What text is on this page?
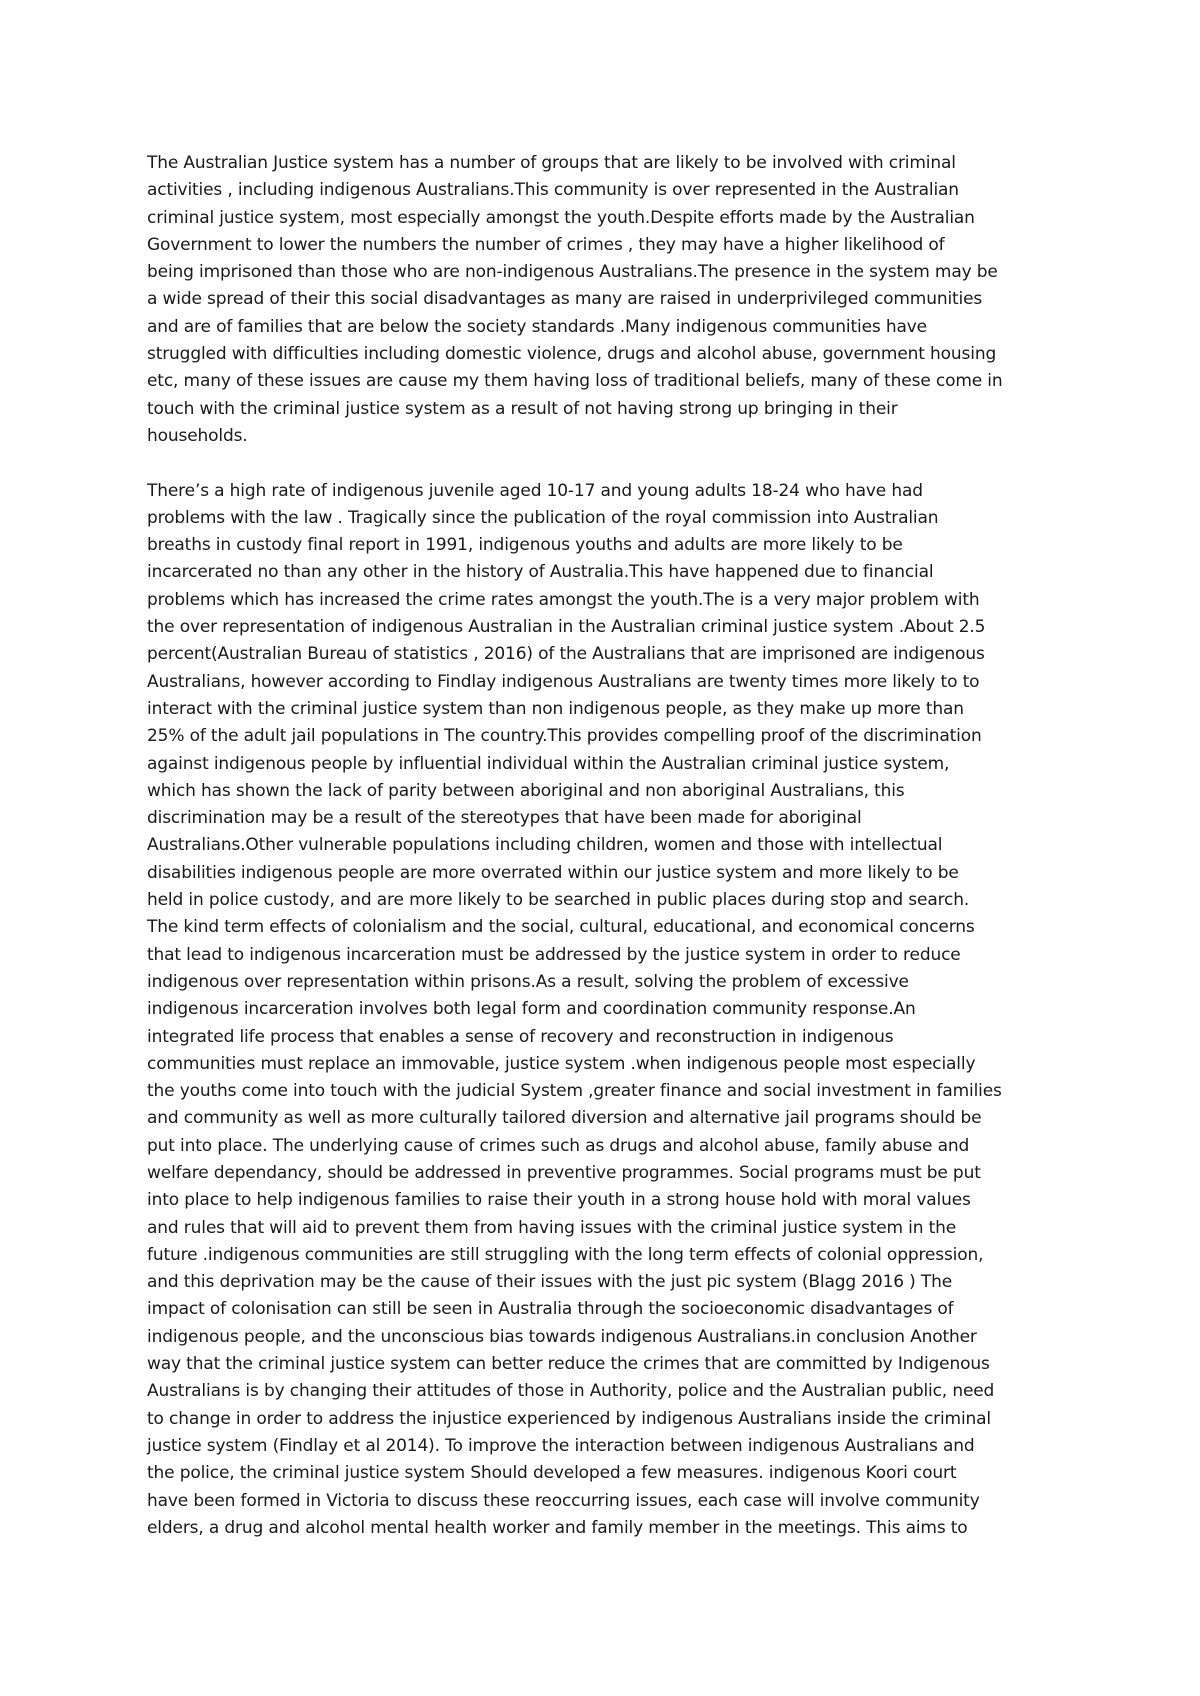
The Australian Justice system has a number of groups that are likely to be involved with criminal
activities , including indigenous Australians.This community is over represented in the Australian
criminal justice system, most especially amongst the youth.Despite efforts made by the Australian
Government to lower the numbers the number of crimes , they may have a higher likelihood of
being imprisoned than those who are non-indigenous Australians.The presence in the system may be
a wide spread of their this social disadvantages as many are raised in underprivileged communities
and are of families that are below the society standards .Many indigenous communities have
struggled with difficulties including domestic violence, drugs and alcohol abuse, government housing
etc, many of these issues are cause my them having loss of traditional beliefs, many of these come in
touch with the criminal justice system as a result of not having strong up bringing in their
households.
There’s a high rate of indigenous juvenile aged 10-17 and young adults 18-24 who have had
problems with the law . Tragically since the publication of the royal commission into Australian
breaths in custody final report in 1991, indigenous youths and adults are more likely to be
incarcerated no than any other in the history of Australia.This have happened due to financial
problems which has increased the crime rates amongst the youth.The is a very major problem with
the over representation of indigenous Australian in the Australian criminal justice system .About 2.5
percent(Australian Bureau of statistics , 2016) of the Australians that are imprisoned are indigenous
Australians, however according to Findlay indigenous Australians are twenty times more likely to to
interact with the criminal justice system than non indigenous people, as they make up more than
25% of the adult jail populations in The country.This provides compelling proof of the discrimination
against indigenous people by influential individual within the Australian criminal justice system,
which has shown the lack of parity between aboriginal and non aboriginal Australians, this
discrimination may be a result of the stereotypes that have been made for aboriginal
Australians.Other vulnerable populations including children, women and those with intellectual
disabilities indigenous people are more overrated within our justice system and more likely to be
held in police custody, and are more likely to be searched in public places during stop and search.
The kind term effects of colonialism and the social, cultural, educational, and economical concerns
that lead to indigenous incarceration must be addressed by the justice system in order to reduce
indigenous over representation within prisons.As a result, solving the problem of excessive
indigenous incarceration involves both legal form and coordination community response.An
integrated life process that enables a sense of recovery and reconstruction in indigenous
communities must replace an immovable, justice system .when indigenous people most especially
the youths come into touch with the judicial System ,greater finance and social investment in families
and community as well as more culturally tailored diversion and alternative jail programs should be
put into place. The underlying cause of crimes such as drugs and alcohol abuse, family abuse and
welfare dependancy, should be addressed in preventive programmes. Social programs must be put
into place to help indigenous families to raise their youth in a strong house hold with moral values
and rules that will aid to prevent them from having issues with the criminal justice system in the
future .indigenous communities are still struggling with the long term effects of colonial oppression,
and this deprivation may be the cause of their issues with the just pic system (Blagg 2016 ) The
impact of colonisation can still be seen in Australia through the socioeconomic disadvantages of
indigenous people, and the unconscious bias towards indigenous Australians.in conclusion Another
way that the criminal justice system can better reduce the crimes that are committed by Indigenous
Australians is by changing their attitudes of those in Authority, police and the Australian public, need
to change in order to address the injustice experienced by indigenous Australians inside the criminal
justice system (Findlay et al 2014). To improve the interaction between indigenous Australians and
the police, the criminal justice system Should developed a few measures. indigenous Koori court
have been formed in Victoria to discuss these reoccurring issues, each case will involve community
elders, a drug and alcohol mental health worker and family member in the meetings. This aims to
